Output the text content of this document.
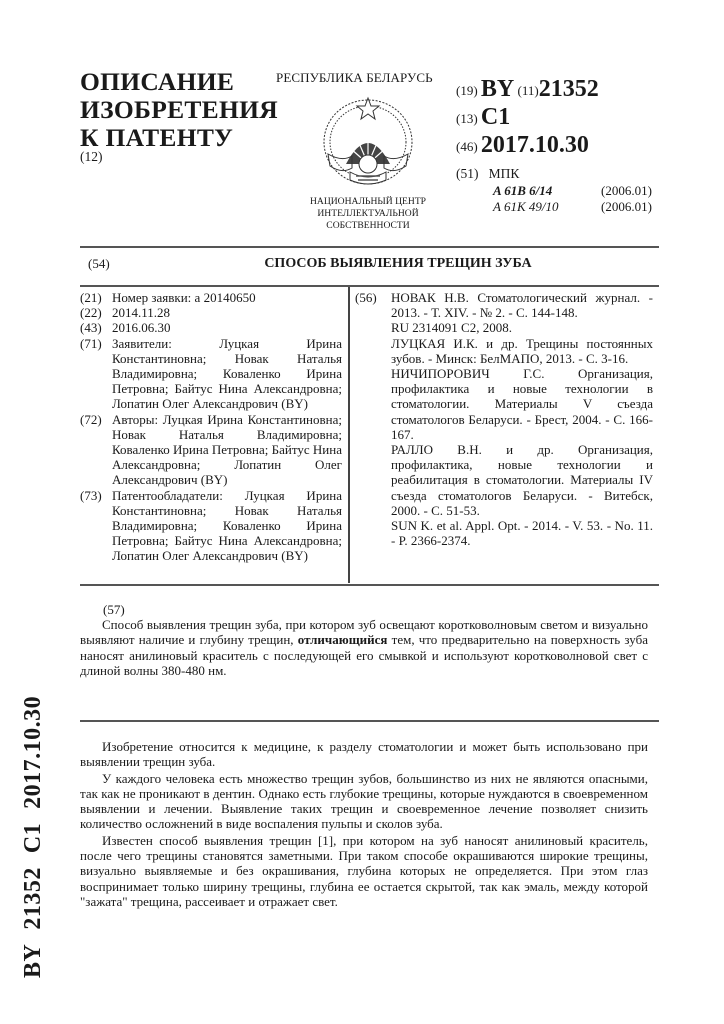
ОПИСАНИЕ
ИЗОБРЕТЕНИЯ
К ПАТЕНТУ
(12)
РЕСПУБЛИКА БЕЛАРУСЬ
НАЦИОНАЛЬНЫЙ ЦЕНТР
ИНТЕЛЛЕКТУАЛЬНОЙ
СОБСТВЕННОСТИ
(19) BY (11)21352
(13) C1
(46) 2017.10.30
(51) МПК
A 61B 6/14	(2006.01)
A 61K 49/10	(2006.01)
(54)	СПОСОБ ВЫЯВЛЕНИЯ ТРЕЩИН ЗУБА
(21) Номер заявки: а 20140650
(22) 2014.11.28
(43) 2016.06.30
(71) Заявители: Луцкая Ирина Константиновна; Новак Наталья Владимировна; Коваленко Ирина Петровна; Байтус Нина Александровна; Лопатин Олег Александрович (BY)
(72) Авторы: Луцкая Ирина Константиновна; Новак Наталья Владимировна; Коваленко Ирина Петровна; Байтус Нина Александровна; Лопатин Олег Александрович (BY)
(73) Патентообладатели: Луцкая Ирина Константиновна; Новак Наталья Владимировна; Коваленко Ирина Петровна; Байтус Нина Александровна; Лопатин Олег Александрович (BY)
(56)	НОВАК Н.В. Стоматологический журнал. - 2013. - Т. XIV. - № 2. - С. 144-148.
RU 2314091 C2, 2008.
ЛУЦКАЯ И.К. и др. Трещины постоянных зубов. - Минск: БелМАПО, 2013. - С. 3-16.
НИЧИПОРОВИЧ Г.С. Организация, профилактика и новые технологии в стоматологии. Материалы V съезда стоматологов Беларуси. - Брест, 2004. - С. 166-167.
РАЛЛО В.Н. и др. Организация, профилактика, новые технологии и реабилитация в стоматологии. Материалы IV съезда стоматологов Беларуси. - Витебск, 2000. - С. 51-53.
SUN K. et al. Appl. Opt. - 2014. - V. 53. - No. 11. - P. 2366-2374.
(57)
Способ выявления трещин зуба, при котором зуб освещают коротковолновым светом и визуально выявляют наличие и глубину трещин, отличающийся тем, что предварительно на поверхность зуба наносят анилиновый краситель с последующей его смывкой и используют коротковолновой свет с длиной волны 380-480 нм.

Изобретение относится к медицине, к разделу стоматологии и может быть использовано при выявлении трещин зуба.

У каждого человека есть множество трещин зубов, большинство из них не являются опасными, так как не проникают в дентин. Однако есть глубокие трещины, которые нуждаются в своевременном выявлении и лечении. Выявление таких трещин и своевременное лечение позволяет снизить количество осложнений в виде воспаления пульпы и сколов зуба.

Известен способ выявления трещин [1], при котором на зуб наносят анилиновый краситель, после чего трещины становятся заметными. При таком способе окрашиваются широкие трещины, визуально выявляемые и без окрашивания, глубина которых не определяется. При этом глаз воспринимает только ширину трещины, глубина ее остается скрытой, так как эмаль, между которой "зажата" трещина, рассеивает и отражает свет.

BY21352C12017.10.30
